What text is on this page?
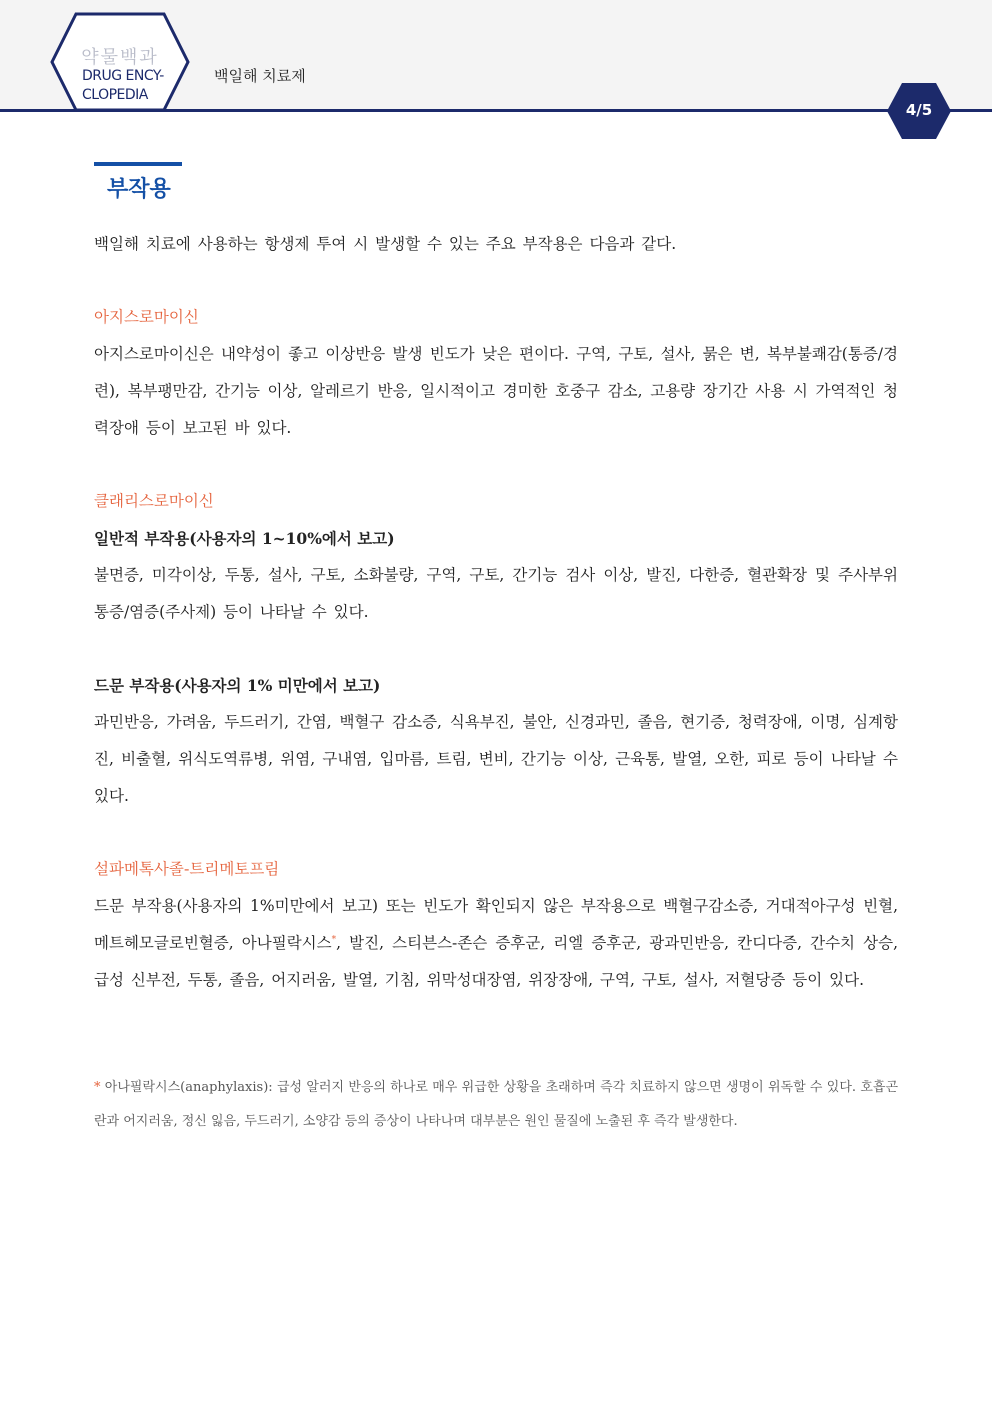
약물백과
DRUG ENCY-
CLOPEDIA
백일해 치료제
4/5
부작용

백일해 치료에 사용하는 항생제 투여 시 발생할 수 있는 주요 부작용은 다음과 같다.

아지스로마이신

아지스로마이신은 내약성이 좋고 이상반응 발생 빈도가 낮은 편이다. 구역, 구토, 설사, 묽은 변, 복부불쾌감(통증/경련), 복부팽만감, 간기능 이상, 알레르기 반응, 일시적이고 경미한 호중구 감소, 고용량 장기간 사용 시 가역적인 청력장애 등이 보고된 바 있다.

클래리스로마이신

일반적 부작용(사용자의 1~10%에서 보고)

불면증, 미각이상, 두통, 설사, 구토, 소화불량, 구역, 구토, 간기능 검사 이상, 발진, 다한증, 혈관확장 및 주사부위 통증/염증(주사제) 등이 나타날 수 있다.

드문 부작용(사용자의 1% 미만에서 보고)

과민반응, 가려움, 두드러기, 간염, 백혈구 감소증, 식욕부진, 불안, 신경과민, 졸음, 현기증, 청력장애, 이명, 심계항진, 비출혈, 위식도역류병, 위염, 구내염, 입마름, 트림, 변비, 간기능 이상, 근육통, 발열, 오한, 피로 등이 나타날 수 있다.

설파메톡사졸-트리메토프림

드문 부작용(사용자의 1%미만에서 보고) 또는 빈도가 확인되지 않은 부작용으로 백혈구감소증, 거대적아구성 빈혈, 메트헤모글로빈혈증, 아나필락시스*, 발진, 스티븐스-존슨 증후군, 리엘 증후군, 광과민반응, 칸디다증, 간수치 상승, 급성 신부전, 두통, 졸음, 어지러움, 발열, 기침, 위막성대장염, 위장장애, 구역, 구토, 설사, 저혈당증 등이 있다.

* 아나필락시스(anaphylaxis): 급성 알러지 반응의 하나로 매우 위급한 상황을 초래하며 즉각 치료하지 않으면 생명이 위독할 수 있다. 호흡곤란과 어지러움, 정신 잃음, 두드러기, 소양감 등의 증상이 나타나며 대부분은 원인 물질에 노출된 후 즉각 발생한다.
